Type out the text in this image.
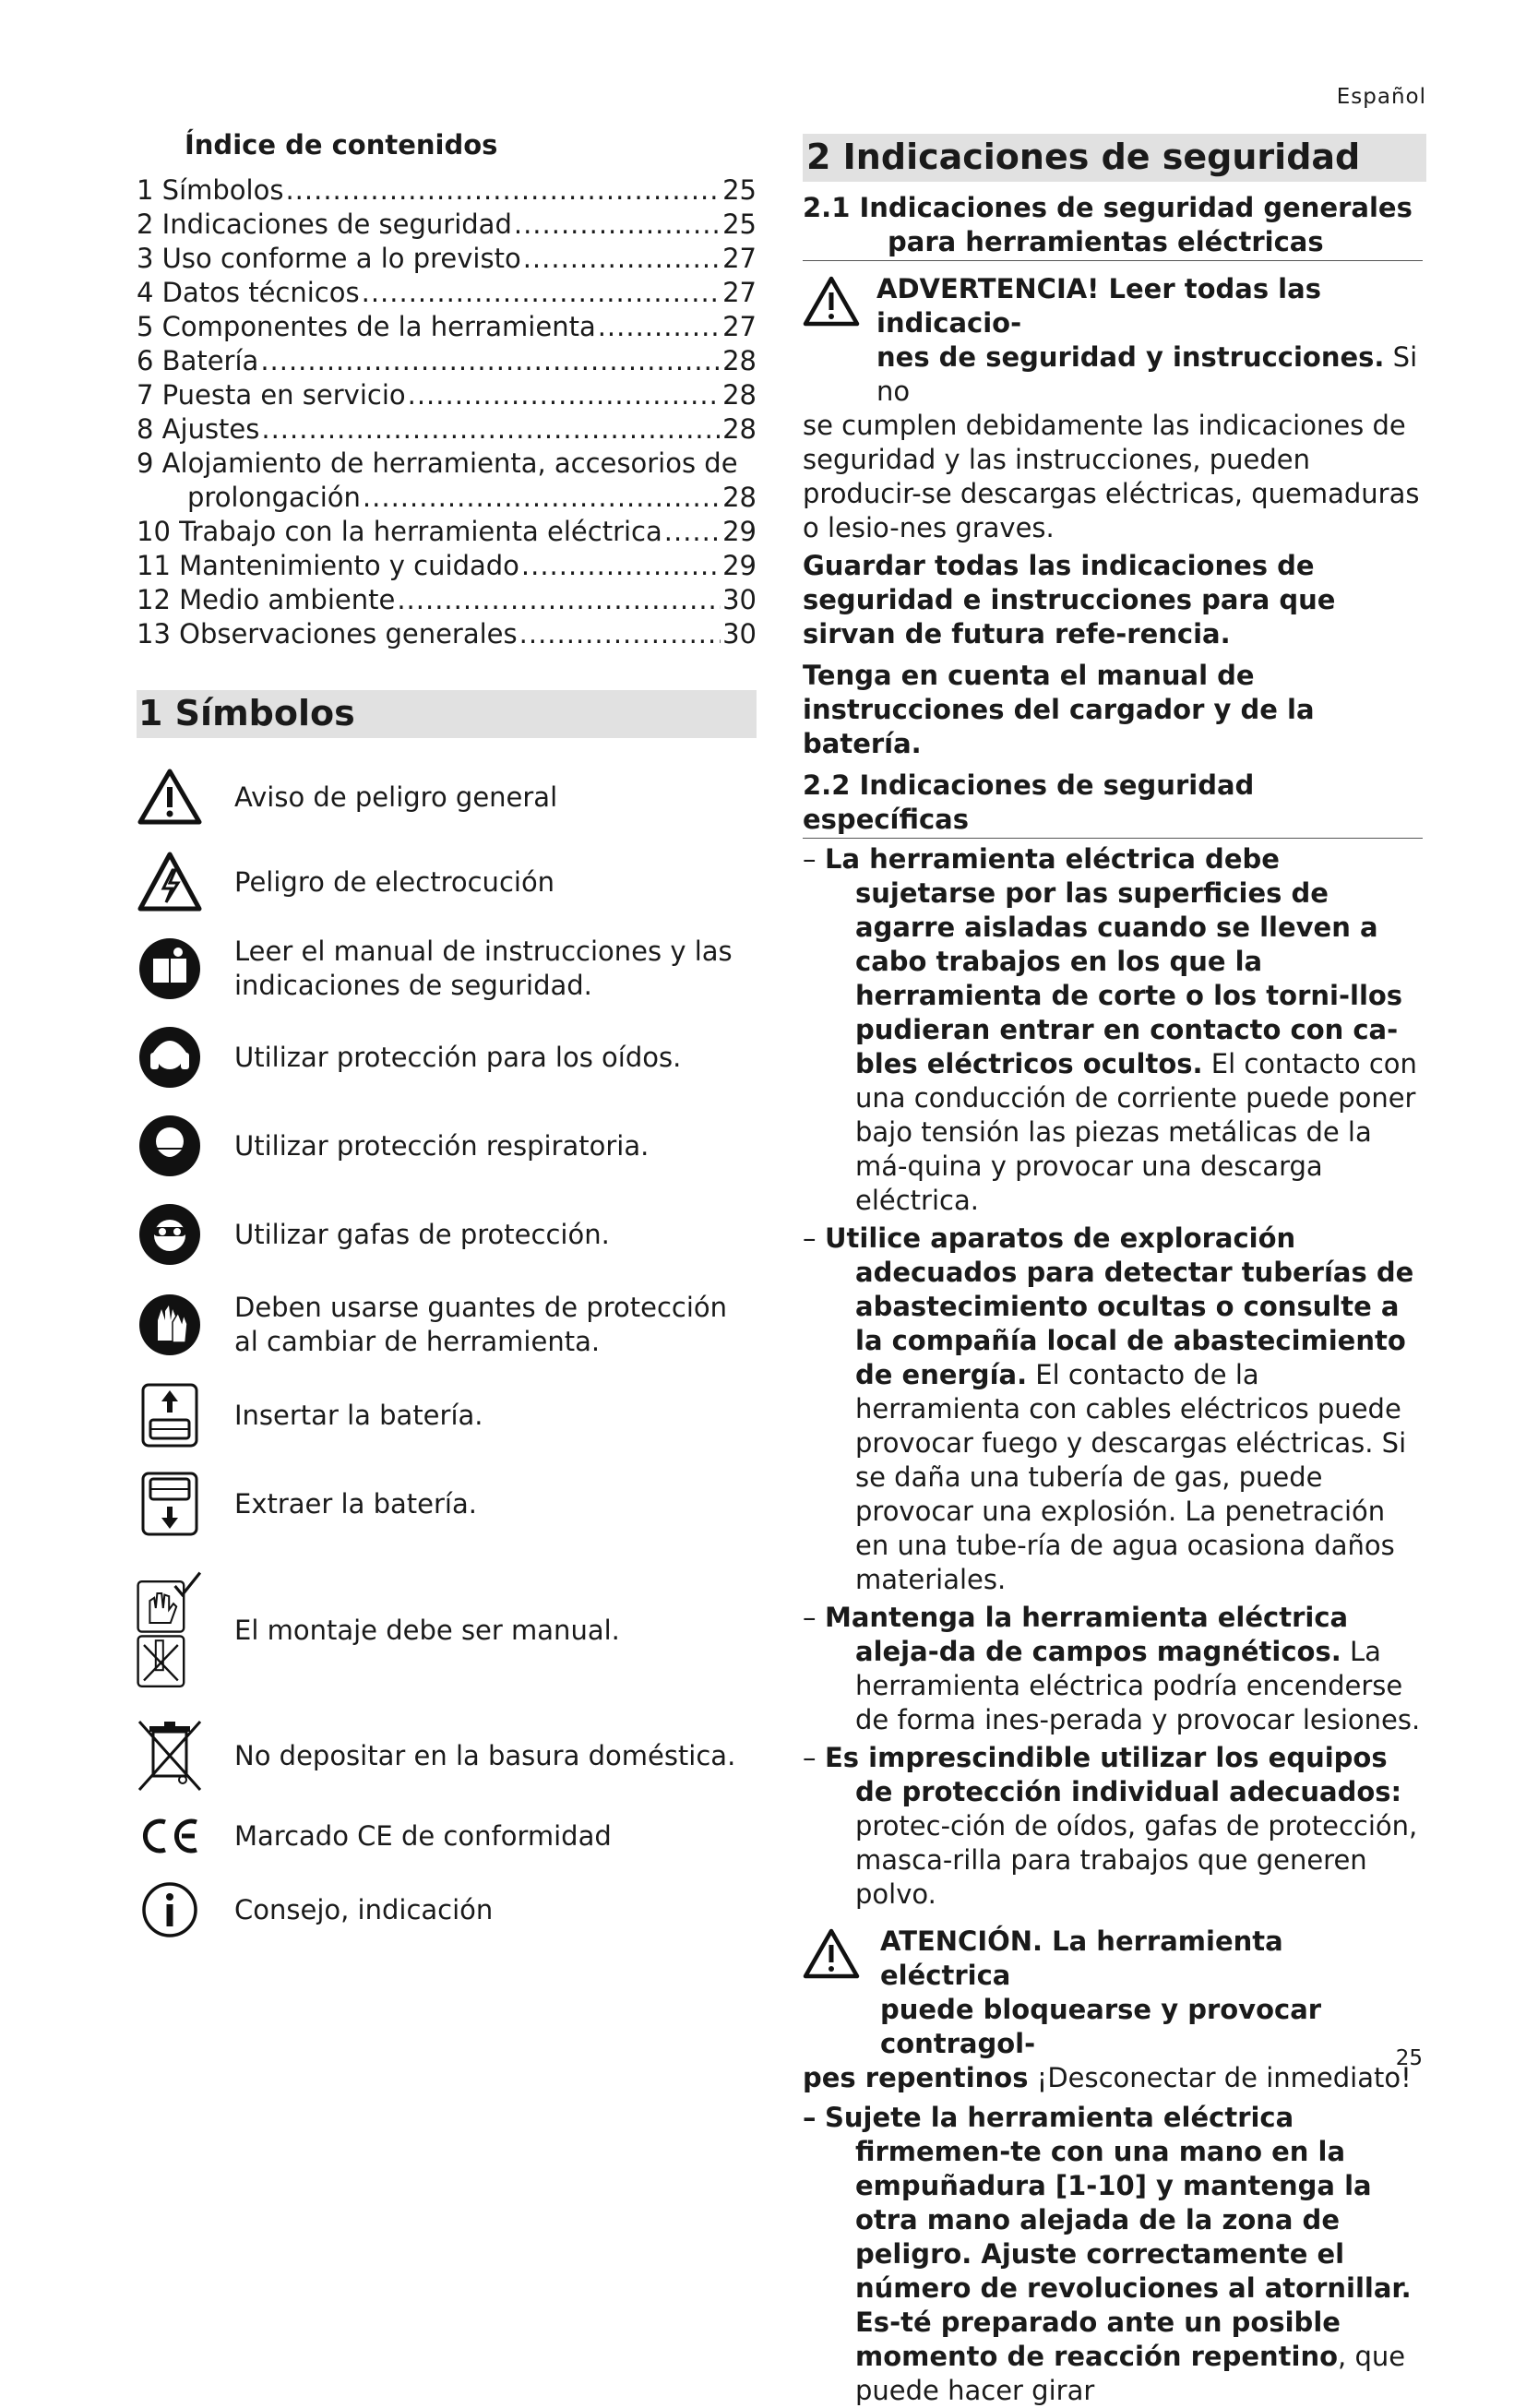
Español
Índice de contenidos
1 Símbolos .....	25
2 Indicaciones de seguridad .....	25
3 Uso conforme a lo previsto .....	27
4 Datos técnicos .....	27
5 Componentes de la herramienta .....	27
6 Batería .....	28
7 Puesta en servicio .....	28
8 Ajustes .....	28
9 Alojamiento de herramienta, accesorios de
prolongación .....	28
10 Trabajo con la herramienta eléctrica ..... 29
11 Mantenimiento y cuidado .....	29
12 Medio ambiente .....	30
13 Observaciones generales .....	30
1 Símbolos
Aviso de peligro general
Peligro de electrocución
Leer el manual de instrucciones y las indicaciones de seguridad.
Utilizar protección para los oídos.
Utilizar protección respiratoria.
Utilizar gafas de protección.
Deben usarse guantes de protección al cambiar de herramienta.
Insertar la batería.
Extraer la batería.
El montaje debe ser manual.
No depositar en la basura doméstica.
Marcado CE de conformidad
Consejo, indicación
2 Indicaciones de seguridad
2.1 Indicaciones de seguridad generales
para herramientas eléctricas
ADVERTENCIA! Leer todas las indicacio-
nes de seguridad y instrucciones. Si no
se cumplen debidamente las indicaciones de seguridad y las instrucciones, pueden producir-se descargas eléctricas, quemaduras o lesio-nes graves.

Guardar todas las indicaciones de seguridad e instrucciones para que sirvan de futura refe-rencia.

Tenga en cuenta el manual de instrucciones del cargador y de la batería.

2.2 Indicaciones de seguridad específicas

– La herramienta eléctrica debe sujetarse por las superficies de agarre aisladas cuando se lleven a cabo trabajos en los que la herramienta de corte o los torni-llos pudieran entrar en contacto con ca-bles eléctricos ocultos. El contacto con una conducción de corriente puede poner bajo tensión las piezas metálicas de la má-quina y provocar una descarga eléctrica.

– Utilice aparatos de exploración adecuados para detectar tuberías de abastecimiento ocultas o consulte a la compañía local de abastecimiento de energía. El contacto de la herramienta con cables eléctricos puede provocar fuego y descargas eléctricas. Si se daña una tubería de gas, puede provocar una explosión. La penetración en una tube-ría de agua ocasiona daños materiales.

– Mantenga la herramienta eléctrica aleja-da de campos magnéticos. La herramienta eléctrica podría encenderse de forma ines-perada y provocar lesiones.

– Es imprescindible utilizar los equipos de protección individual adecuados: protec-ción de oídos, gafas de protección, masca-rilla para trabajos que generen polvo.

ATENCIÓN. La herramienta eléctrica
puede bloquearse y provocar contragol-
pes repentinos ¡Desconectar de inmediato!

– Sujete la herramienta eléctrica firmemen-te con una mano en la empuñadura [1-10] y mantenga la otra mano alejada de la zona de peligro. Ajuste correctamente el número de revoluciones al atornillar. Es-té preparado ante un posible momento de reacción repentino, que puede hacer girar

25
